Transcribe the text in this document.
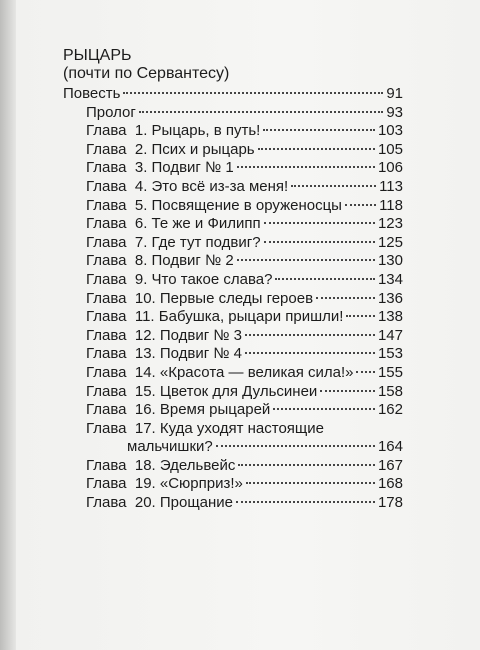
РЫЦАРЬ
(почти по Сервантесу)
Повесть	91
Пролог	93
Глава  1. Рыцарь, в путь!	103
Глава  2. Псих и рыцарь	105
Глава  3. Подвиг № 1	106
Глава  4. Это всё из-за меня!	113
Глава  5. Посвящение в оруженосцы 118
Глава  6. Те же и Филипп	123
Глава  7. Где тут подвиг?	125
Глава  8. Подвиг № 2	130
Глава  9. Что такое слава?	134
Глава  10. Первые следы героев	136
Глава  11. Бабушка, рыцари пришли! 138
Глава  12. Подвиг № 3	147
Глава  13. Подвиг № 4	153
Глава  14. «Красота — великая сила!» 155
Глава  15. Цветок для Дульсинеи	158
Глава  16. Время рыцарей	162
Глава  17. Куда уходят настоящие
мальчишки?	164
Глава  18. Эдельвейс	167
Глава  19. «Сюрприз!»	168
Глава  20. Прощание	178
